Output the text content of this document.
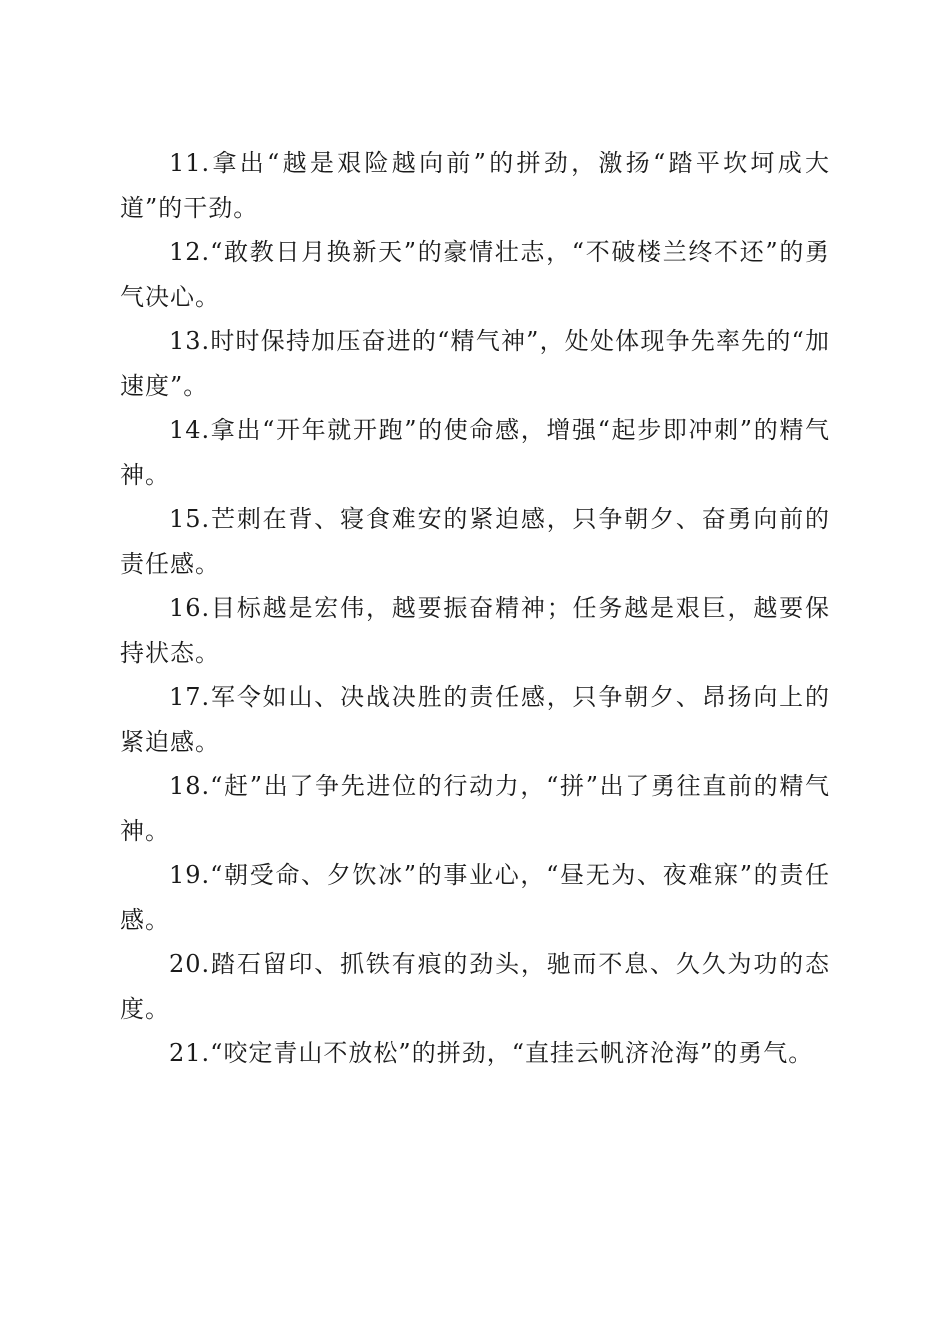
11.拿出“越是艰险越向前”的拼劲，激扬“踏平坎坷成大道”的干劲。

12.“敢教日月换新天”的豪情壮志，“不破楼兰终不还”的勇气决心。

13.时时保持加压奋进的“精气神”，处处体现争先率先的“加速度”。

14.拿出“开年就开跑”的使命感，增强“起步即冲刺”的精气神。

15.芒刺在背、寝食难安的紧迫感，只争朝夕、奋勇向前的责任感。

16.目标越是宏伟，越要振奋精神；任务越是艰巨，越要保持状态。

17.军令如山、决战决胜的责任感，只争朝夕、昂扬向上的紧迫感。

18.“赶”出了争先进位的行动力，“拼”出了勇往直前的精气神。

19.“朝受命、夕饮冰”的事业心，“昼无为、夜难寐”的责任感。

20.踏石留印、抓铁有痕的劲头，驰而不息、久久为功的态度。

21.“咬定青山不放松”的拼劲，“直挂云帆济沧海”的勇气。
